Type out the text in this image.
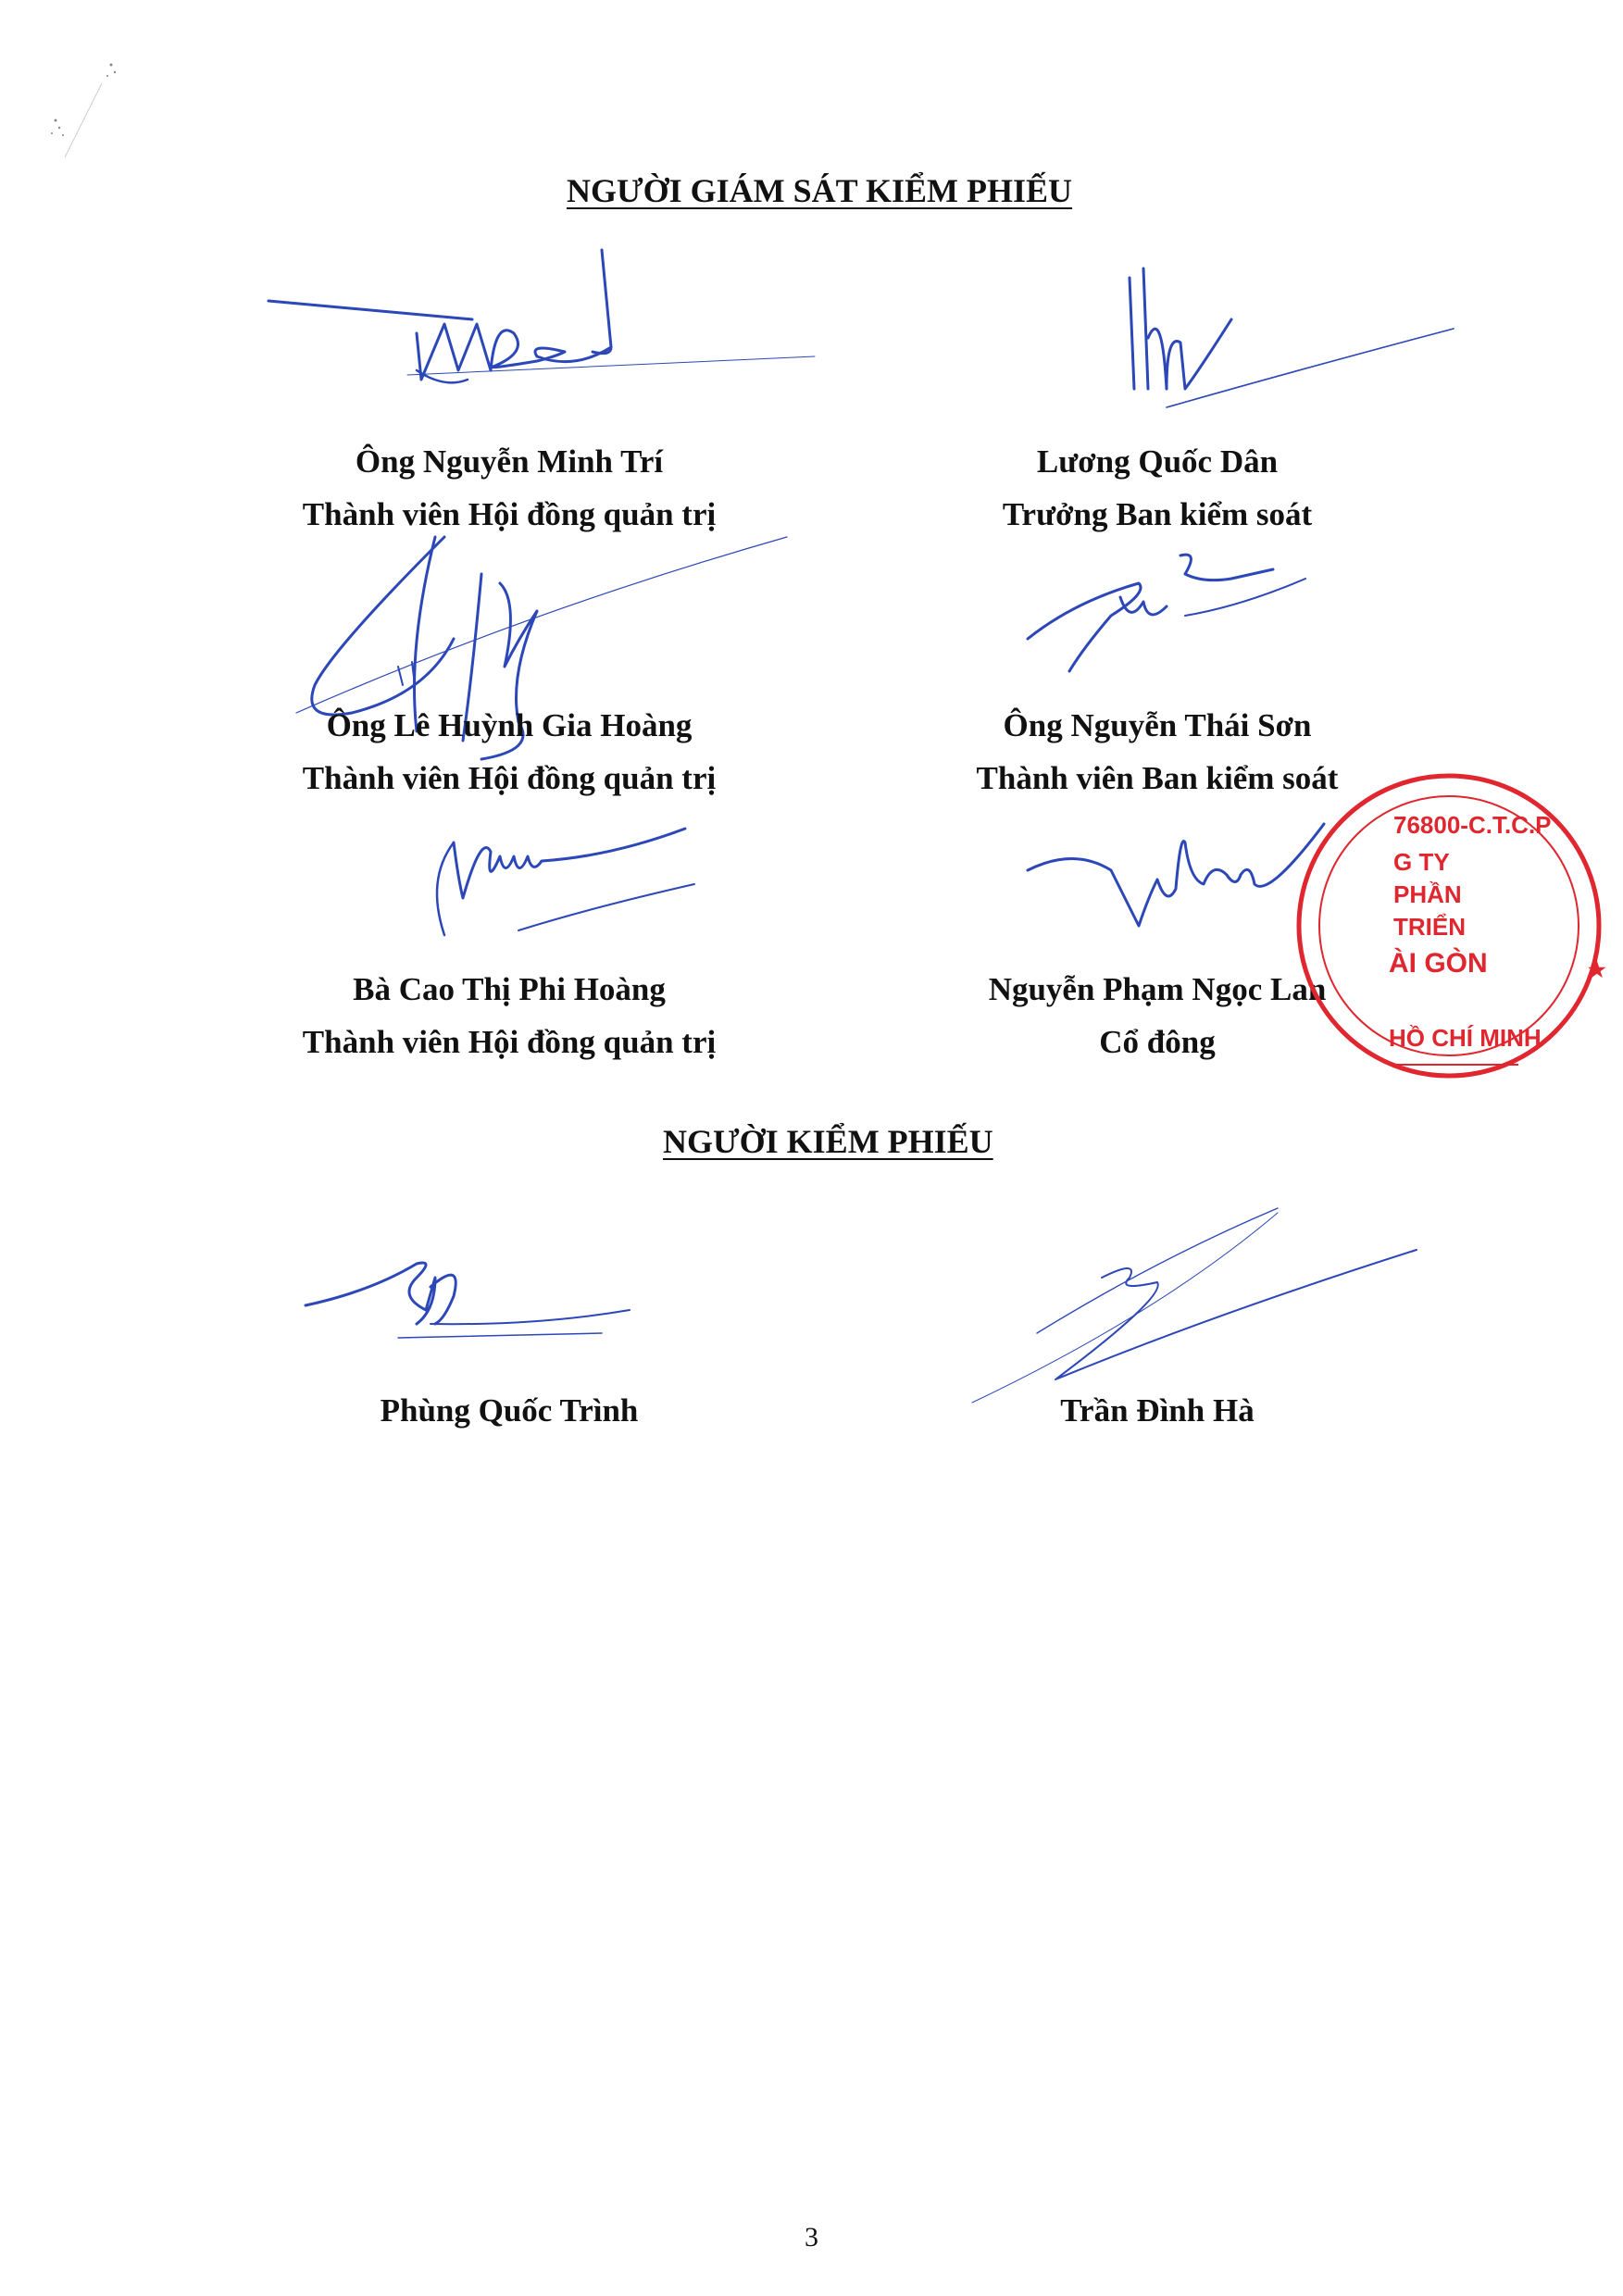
NGƯỜI GIÁM SÁT KIỂM PHIẾU
Ông Nguyễn Minh Trí
Thành viên Hội đồng quản trị
Lương Quốc Dân
Trưởng Ban kiểm soát
Ông Lê Huỳnh Gia Hoàng
Thành viên Hội đồng quản trị
Ông Nguyễn Thái Sơn
Thành viên Ban kiểm soát
Bà Cao Thị Phi Hoàng
Thành viên Hội đồng quản trị
Nguyễn Phạm Ngọc Lan
Cổ đông
76800-C.T.C.P
G TY
PHẦN
TRIỂN
ÀI GÒN
HỒ CHÍ MINH
★
NGƯỜI KIỂM PHIẾU
Phùng Quốc Trình	Trần Đình Hà
3
